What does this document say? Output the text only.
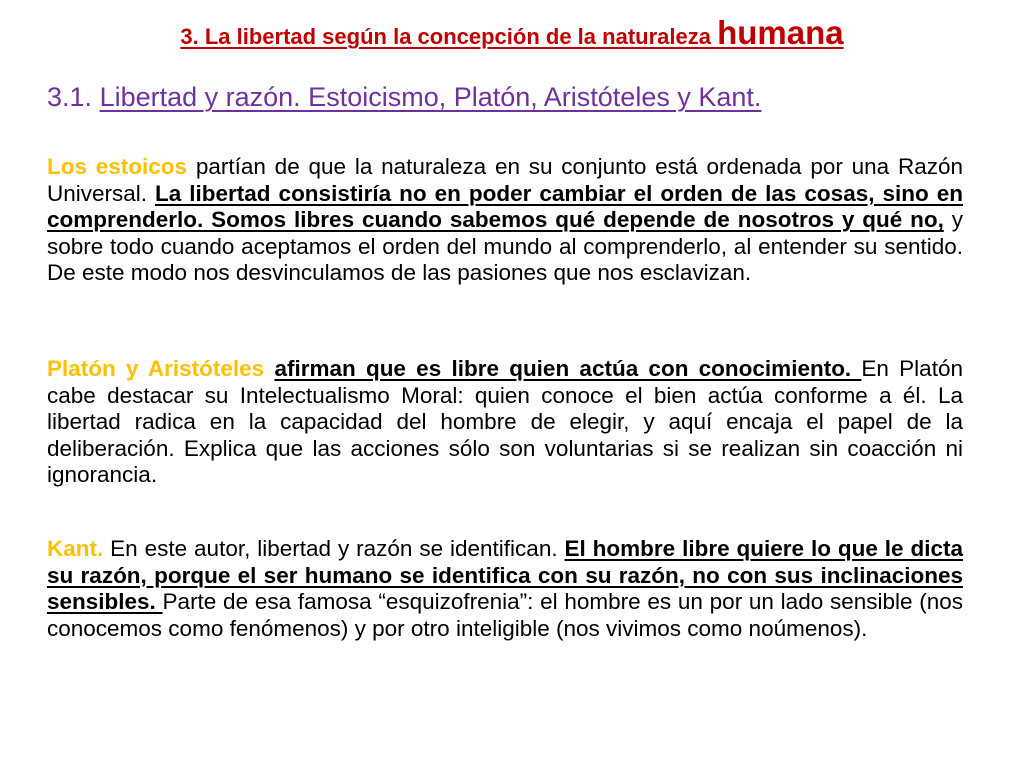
3. La libertad según la concepción de la naturaleza humana
3.1. Libertad y razón. Estoicismo, Platón, Aristóteles y Kant.
Los estoicos partían de que la naturaleza en su conjunto está ordenada por una Razón Universal. La libertad consistiría no en poder cambiar el orden de las cosas, sino en comprenderlo. Somos libres cuando sabemos qué depende de nosotros y qué no, y sobre todo cuando aceptamos el orden del mundo al comprenderlo, al entender su sentido. De este modo nos desvinculamos de las pasiones que nos esclavizan.
Platón y Aristóteles afirman que es libre quien actúa con conocimiento. En Platón cabe destacar su Intelectualismo Moral: quien conoce el bien actúa conforme a él. La libertad radica en la capacidad del hombre de elegir, y aquí encaja el papel de la deliberación. Explica que las acciones sólo son voluntarias si se realizan sin coacción ni ignorancia.
Kant. En este autor, libertad y razón se identifican. El hombre libre quiere lo que le dicta su razón, porque el ser humano se identifica con su razón, no con sus inclinaciones sensibles. Parte de esa famosa “esquizofrenia”: el hombre es un por un lado sensible (nos conocemos como fenómenos) y por otro inteligible (nos vivimos como noúmenos).
